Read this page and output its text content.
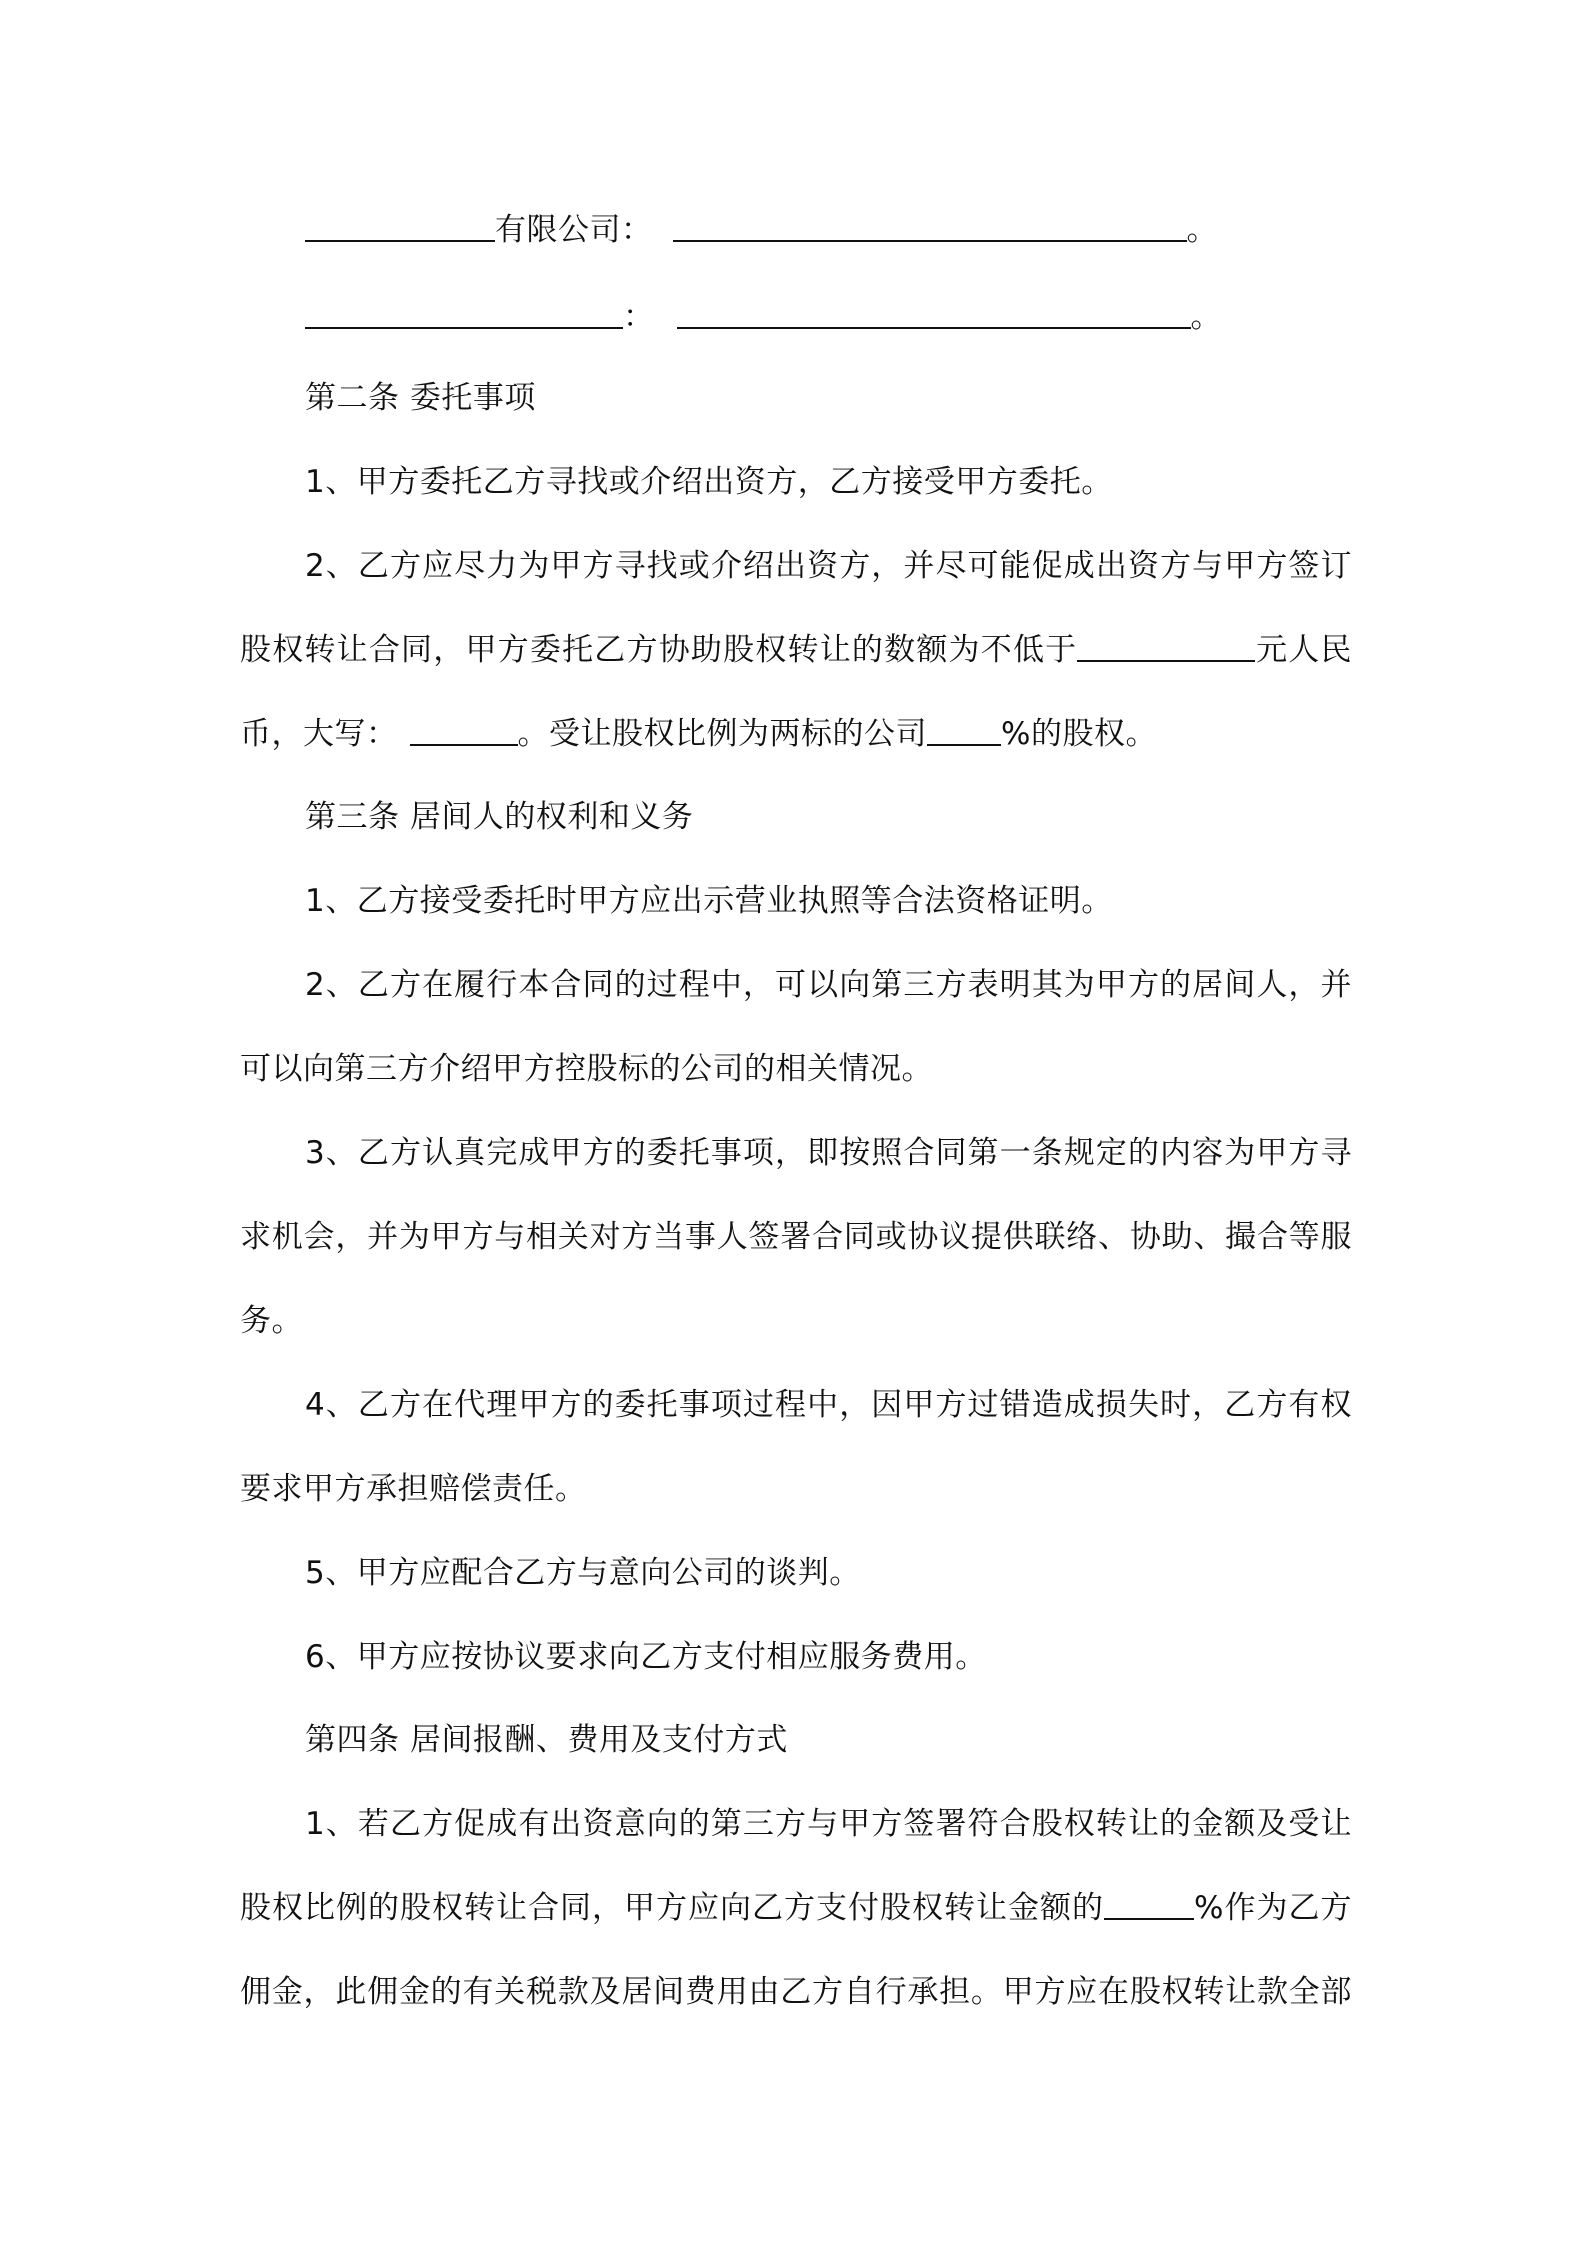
有限公司：	。
：	。
第二条 委托事项
1、甲方委托乙方寻找或介绍出资方，乙方接受甲方委托。
2、乙方应尽力为甲方寻找或介绍出资方，并尽可能促成出资方与甲方签订
股权转让合同，甲方委托乙方协助股权转让的数额为不低于	元人民
币，大写：	。受让股权比例为两标的公司 %的股权。
第三条 居间人的权利和义务
1、乙方接受委托时甲方应出示营业执照等合法资格证明。
2、乙方在履行本合同的过程中，可以向第三方表明其为甲方的居间人，并
可以向第三方介绍甲方控股标的公司的相关情况。
3、乙方认真完成甲方的委托事项，即按照合同第一条规定的内容为甲方寻
求机会，并为甲方与相关对方当事人签署合同或协议提供联络、协助、撮合等服
务。
4、乙方在代理甲方的委托事项过程中，因甲方过错造成损失时，乙方有权
要求甲方承担赔偿责任。
5、甲方应配合乙方与意向公司的谈判。
6、甲方应按协议要求向乙方支付相应服务费用。
第四条 居间报酬、费用及支付方式
1、若乙方促成有出资意向的第三方与甲方签署符合股权转让的金额及受让
股权比例的股权转让合同，甲方应向乙方支付股权转让金额的	%作为乙方
佣金，此佣金的有关税款及居间费用由乙方自行承担。甲方应在股权转让款全部
